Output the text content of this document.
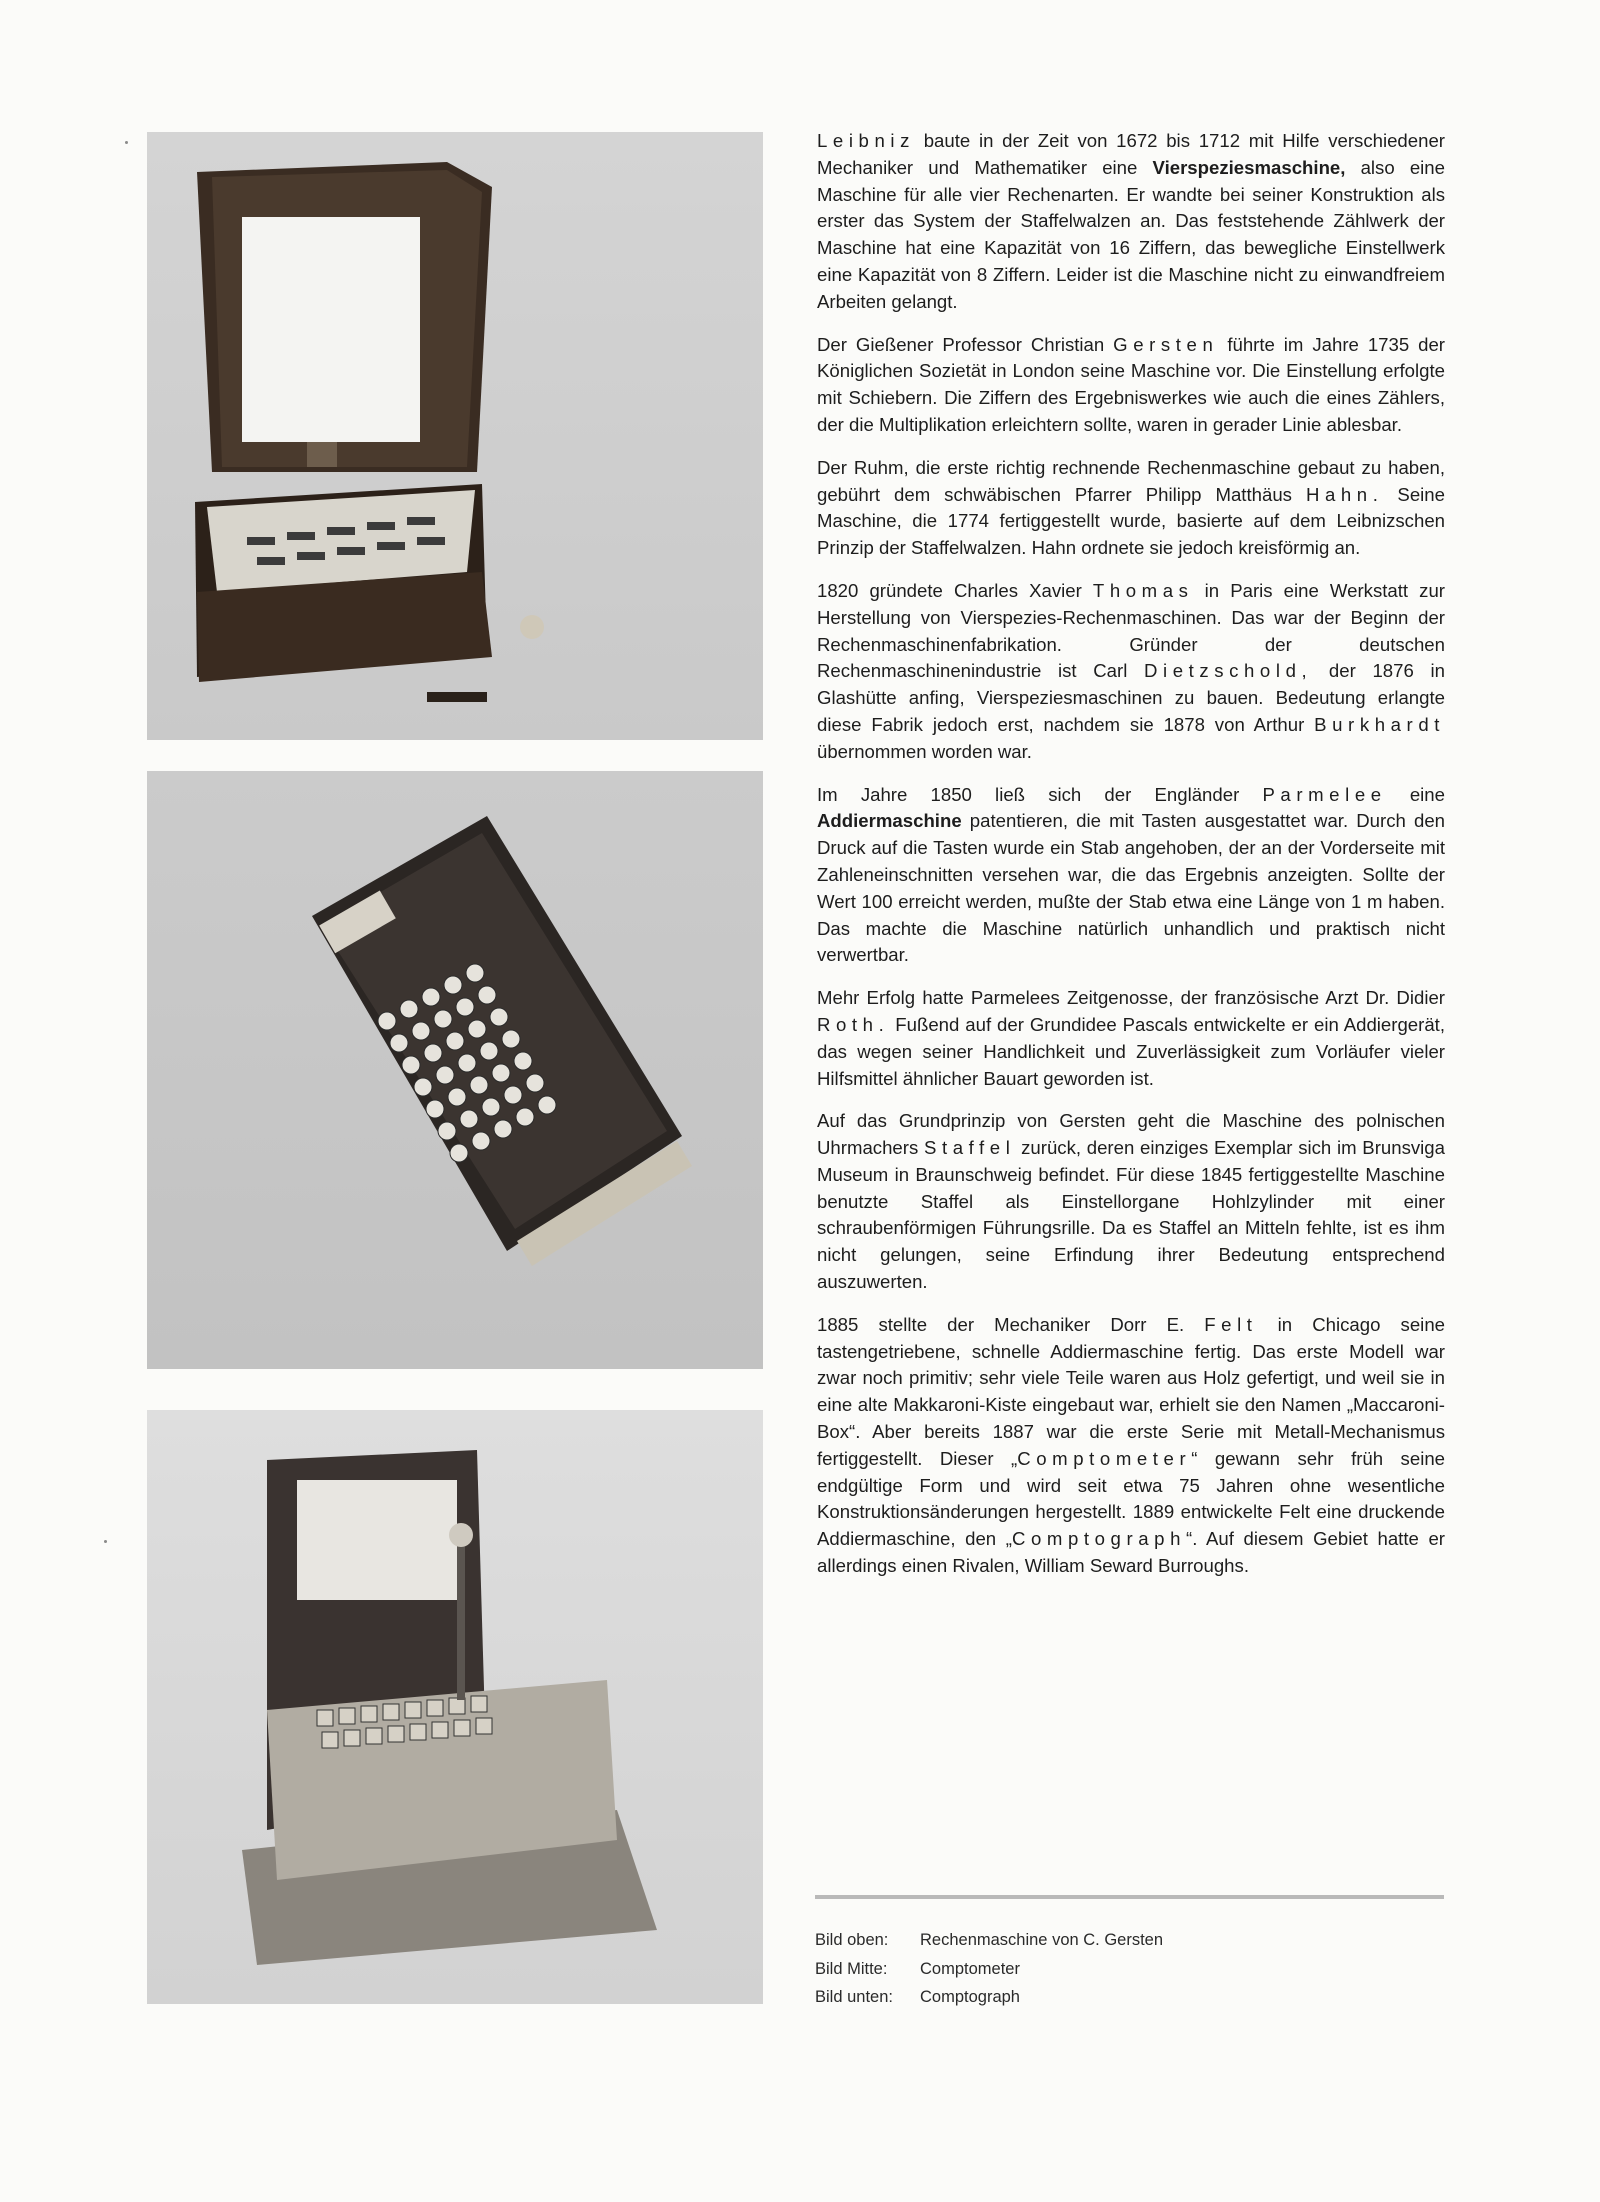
Leibniz baute in der Zeit von 1672 bis 1712 mit Hilfe verschiedener Mechaniker und Mathematiker eine Vierspeziesmaschine, also eine Maschine für alle vier Rechenarten. Er wandte bei seiner Konstruktion als erster das System der Staffelwalzen an. Das feststehende Zählwerk der Maschine hat eine Kapazität von 16 Ziffern, das bewegliche Einstellwerk eine Kapazität von 8 Ziffern. Leider ist die Maschine nicht zu einwandfreiem Arbeiten gelangt.

Der Gießener Professor Christian Gersten führte im Jahre 1735 der Königlichen Sozietät in London seine Maschine vor. Die Einstellung erfolgte mit Schiebern. Die Ziffern des Ergebniswerkes wie auch die eines Zählers, der die Multiplikation erleichtern sollte, waren in gerader Linie ablesbar.

Der Ruhm, die erste richtig rechnende Rechenmaschine gebaut zu haben, gebührt dem schwäbischen Pfarrer Philipp Matthäus Hahn. Seine Maschine, die 1774 fertiggestellt wurde, basierte auf dem Leibnizschen Prinzip der Staffelwalzen. Hahn ordnete sie jedoch kreisförmig an.

1820 gründete Charles Xavier Thomas in Paris eine Werkstatt zur Herstellung von Vierspezies-Rechenmaschinen. Das war der Beginn der Rechenmaschinenfabrikation. Gründer der deutschen Rechenmaschinenindustrie ist Carl Dietzschold, der 1876 in Glashütte anfing, Vierspeziesmaschinen zu bauen. Bedeutung erlangte diese Fabrik jedoch erst, nachdem sie 1878 von Arthur Burkhardt übernommen worden war.

Im Jahre 1850 ließ sich der Engländer Parmelee eine Addiermaschine patentieren, die mit Tasten ausgestattet war. Durch den Druck auf die Tasten wurde ein Stab angehoben, der an der Vorderseite mit Zahleneinschnitten versehen war, die das Ergebnis anzeigten. Sollte der Wert 100 erreicht werden, mußte der Stab etwa eine Länge von 1 m haben. Das machte die Maschine natürlich unhandlich und praktisch nicht verwertbar.

Mehr Erfolg hatte Parmelees Zeitgenosse, der französische Arzt Dr. Didier Roth. Fußend auf der Grundidee Pascals entwickelte er ein Addiergerät, das wegen seiner Handlichkeit und Zuverlässigkeit zum Vorläufer vieler Hilfsmittel ähnlicher Bauart geworden ist.

Auf das Grundprinzip von Gersten geht die Maschine des polnischen Uhrmachers Staffel zurück, deren einziges Exemplar sich im Brunsviga Museum in Braunschweig befindet. Für diese 1845 fertiggestellte Maschine benutzte Staffel als Einstellorgane Hohlzylinder mit einer schraubenförmigen Führungsrille. Da es Staffel an Mitteln fehlte, ist es ihm nicht gelungen, seine Erfindung ihrer Bedeutung entsprechend auszuwerten.

1885 stellte der Mechaniker Dorr E. Felt in Chicago seine tastengetriebene, schnelle Addiermaschine fertig. Das erste Modell war zwar noch primitiv; sehr viele Teile waren aus Holz gefertigt, und weil sie in eine alte Makkaroni-Kiste eingebaut war, erhielt sie den Namen „Maccaroni-Box“. Aber bereits 1887 war die erste Serie mit Metall-Mechanismus fertiggestellt. Dieser „Comptometer“ gewann sehr früh seine endgültige Form und wird seit etwa 75 Jahren ohne wesentliche Konstruktionsänderungen hergestellt. 1889 entwickelte Felt eine druckende Addiermaschine, den „Comptograph“. Auf diesem Gebiet hatte er allerdings einen Rivalen, William Seward Burroughs.

Bild oben:	Rechenmaschine von C. Gersten
Bild Mitte:	Comptometer
Bild unten:	Comptograph
